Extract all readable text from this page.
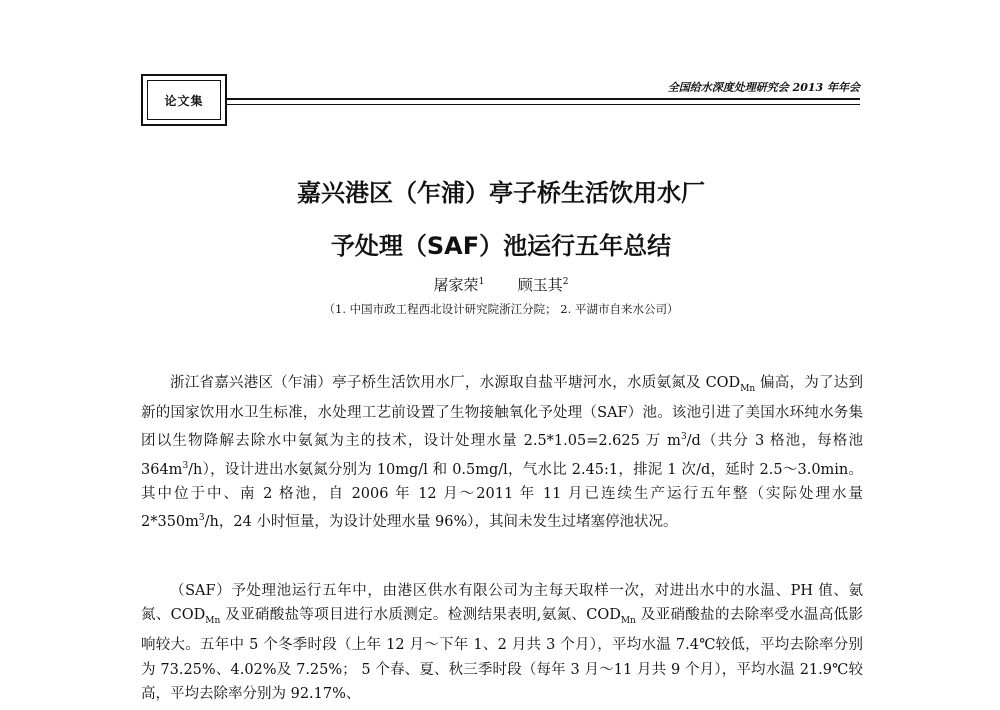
论文集
全国给水深度处理研究会 2013 年年会
嘉兴港区（乍浦）亭子桥生活饮用水厂
予处理（SAF）池运行五年总结
屠家荣$^1$ 顾玉其$^2$
（1. 中国市政工程西北设计研究院浙江分院； 2. 平湖市自来水公司）

浙江省嘉兴港区（乍浦）亭子桥生活饮用水厂，水源取自盐平塘河水，水质氨氮及 $COD_{Mn}$ 偏高，为了达到新的国家饮用水卫生标准，水处理工艺前设置了生物接触氧化予处理（SAF）池。该池引进了美国水环纯水务集团以生物降解去除水中氨氮为主的技术，设计处理水量 2.5*1.05=2.625 万 $m^3/d$（共分 3 格池，每格池 $364m^3/h$），设计进出水氨氮分别为 10mg/l 和 0.5mg/l，气水比 2.45:1，排泥 1 次/d，延时 2.5～3.0min。其中位于中、南 2 格池，自 2006 年 12 月～2011 年 11 月已连续生产运行五年整（实际处理水量 $2*350m^3/h$，24 小时恒量，为设计处理水量 96%），其间未发生过堵塞停池状况。

（SAF）予处理池运行五年中，由港区供水有限公司为主每天取样一次，对进出水中的水温、PH 值、氨氮、$COD_{Mn}$ 及亚硝酸盐等项目进行水质测定。检测结果表明,氨氮、$COD_{Mn}$ 及亚硝酸盐的去除率受水温高低影响较大。五年中 5 个冬季时段（上年 12 月～下年 1、2 月共 3 个月），平均水温 7.4℃较低，平均去除率分别为 73.25%、4.02%及 7.25%； 5 个春、夏、秋三季时段（每年 3 月～11 月共 9 个月），平均水温 21.9℃较高，平均去除率分别为 92.17%、
